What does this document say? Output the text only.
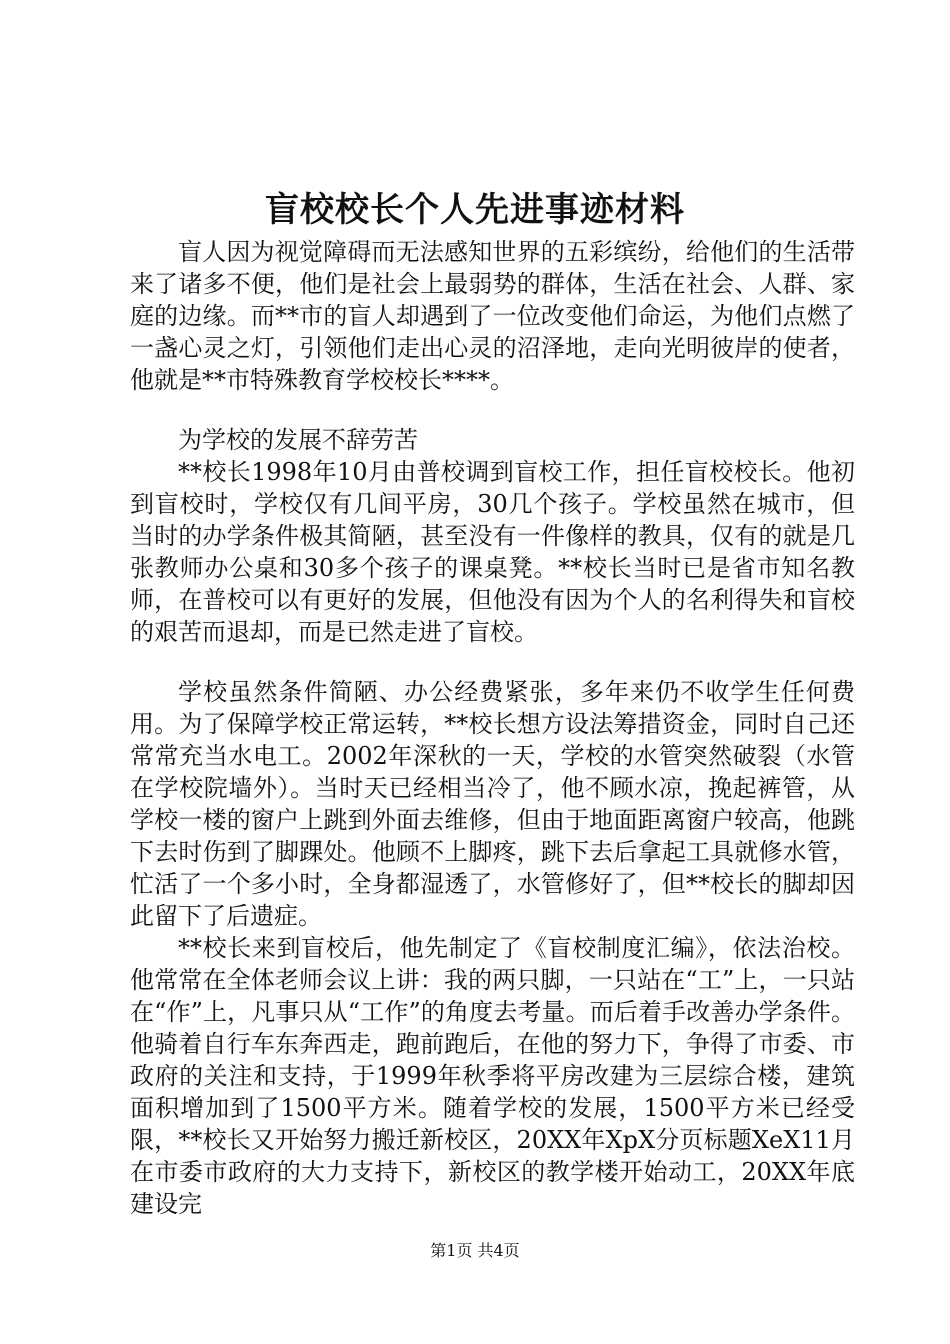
盲校校长个人先进事迹材料

盲人因为视觉障碍而无法感知世界的五彩缤纷，给他们的生活带来了诸多不便，他们是社会上最弱势的群体，生活在社会、人群、家庭的边缘。而**市的盲人却遇到了一位改变他们命运，为他们点燃了一盏心灵之灯，引领他们走出心灵的沼泽地，走向光明彼岸的使者，他就是**市特殊教育学校校长****。

为学校的发展不辞劳苦

**校长1998年10月由普校调到盲校工作，担任盲校校长。他初到盲校时，学校仅有几间平房，30几个孩子。学校虽然在城市，但当时的办学条件极其简陋，甚至没有一件像样的教具，仅有的就是几张教师办公桌和30多个孩子的课桌凳。**校长当时已是省市知名教师，在普校可以有更好的发展，但他没有因为个人的名利得失和盲校的艰苦而退却，而是已然走进了盲校。

学校虽然条件简陋、办公经费紧张，多年来仍不收学生任何费用。为了保障学校正常运转，**校长想方设法筹措资金，同时自己还常常充当水电工。2002年深秋的一天，学校的水管突然破裂（水管在学校院墙外）。当时天已经相当冷了，他不顾水凉，挽起裤管，从学校一楼的窗户上跳到外面去维修，但由于地面距离窗户较高，他跳下去时伤到了脚踝处。他顾不上脚疼，跳下去后拿起工具就修水管，忙活了一个多小时，全身都湿透了，水管修好了，但**校长的脚却因此留下了后遗症。

**校长来到盲校后，他先制定了《盲校制度汇编》，依法治校。他常常在全体老师会议上讲：我的两只脚，一只站在“工”上，一只站在“作”上，凡事只从“工作”的角度去考量。而后着手改善办学条件。他骑着自行车东奔西走，跑前跑后，在他的努力下，争得了市委、市政府的关注和支持，于1999年秋季将平房改建为三层综合楼，建筑面积增加到了1500平方米。随着学校的发展，1500平方米已经受限，**校长又开始努力搬迁新校区，20XX年XpX分页标题XeX11月在市委市政府的大力支持下，新校区的教学楼开始动工，20XX年底建设完

第1页 共4页
